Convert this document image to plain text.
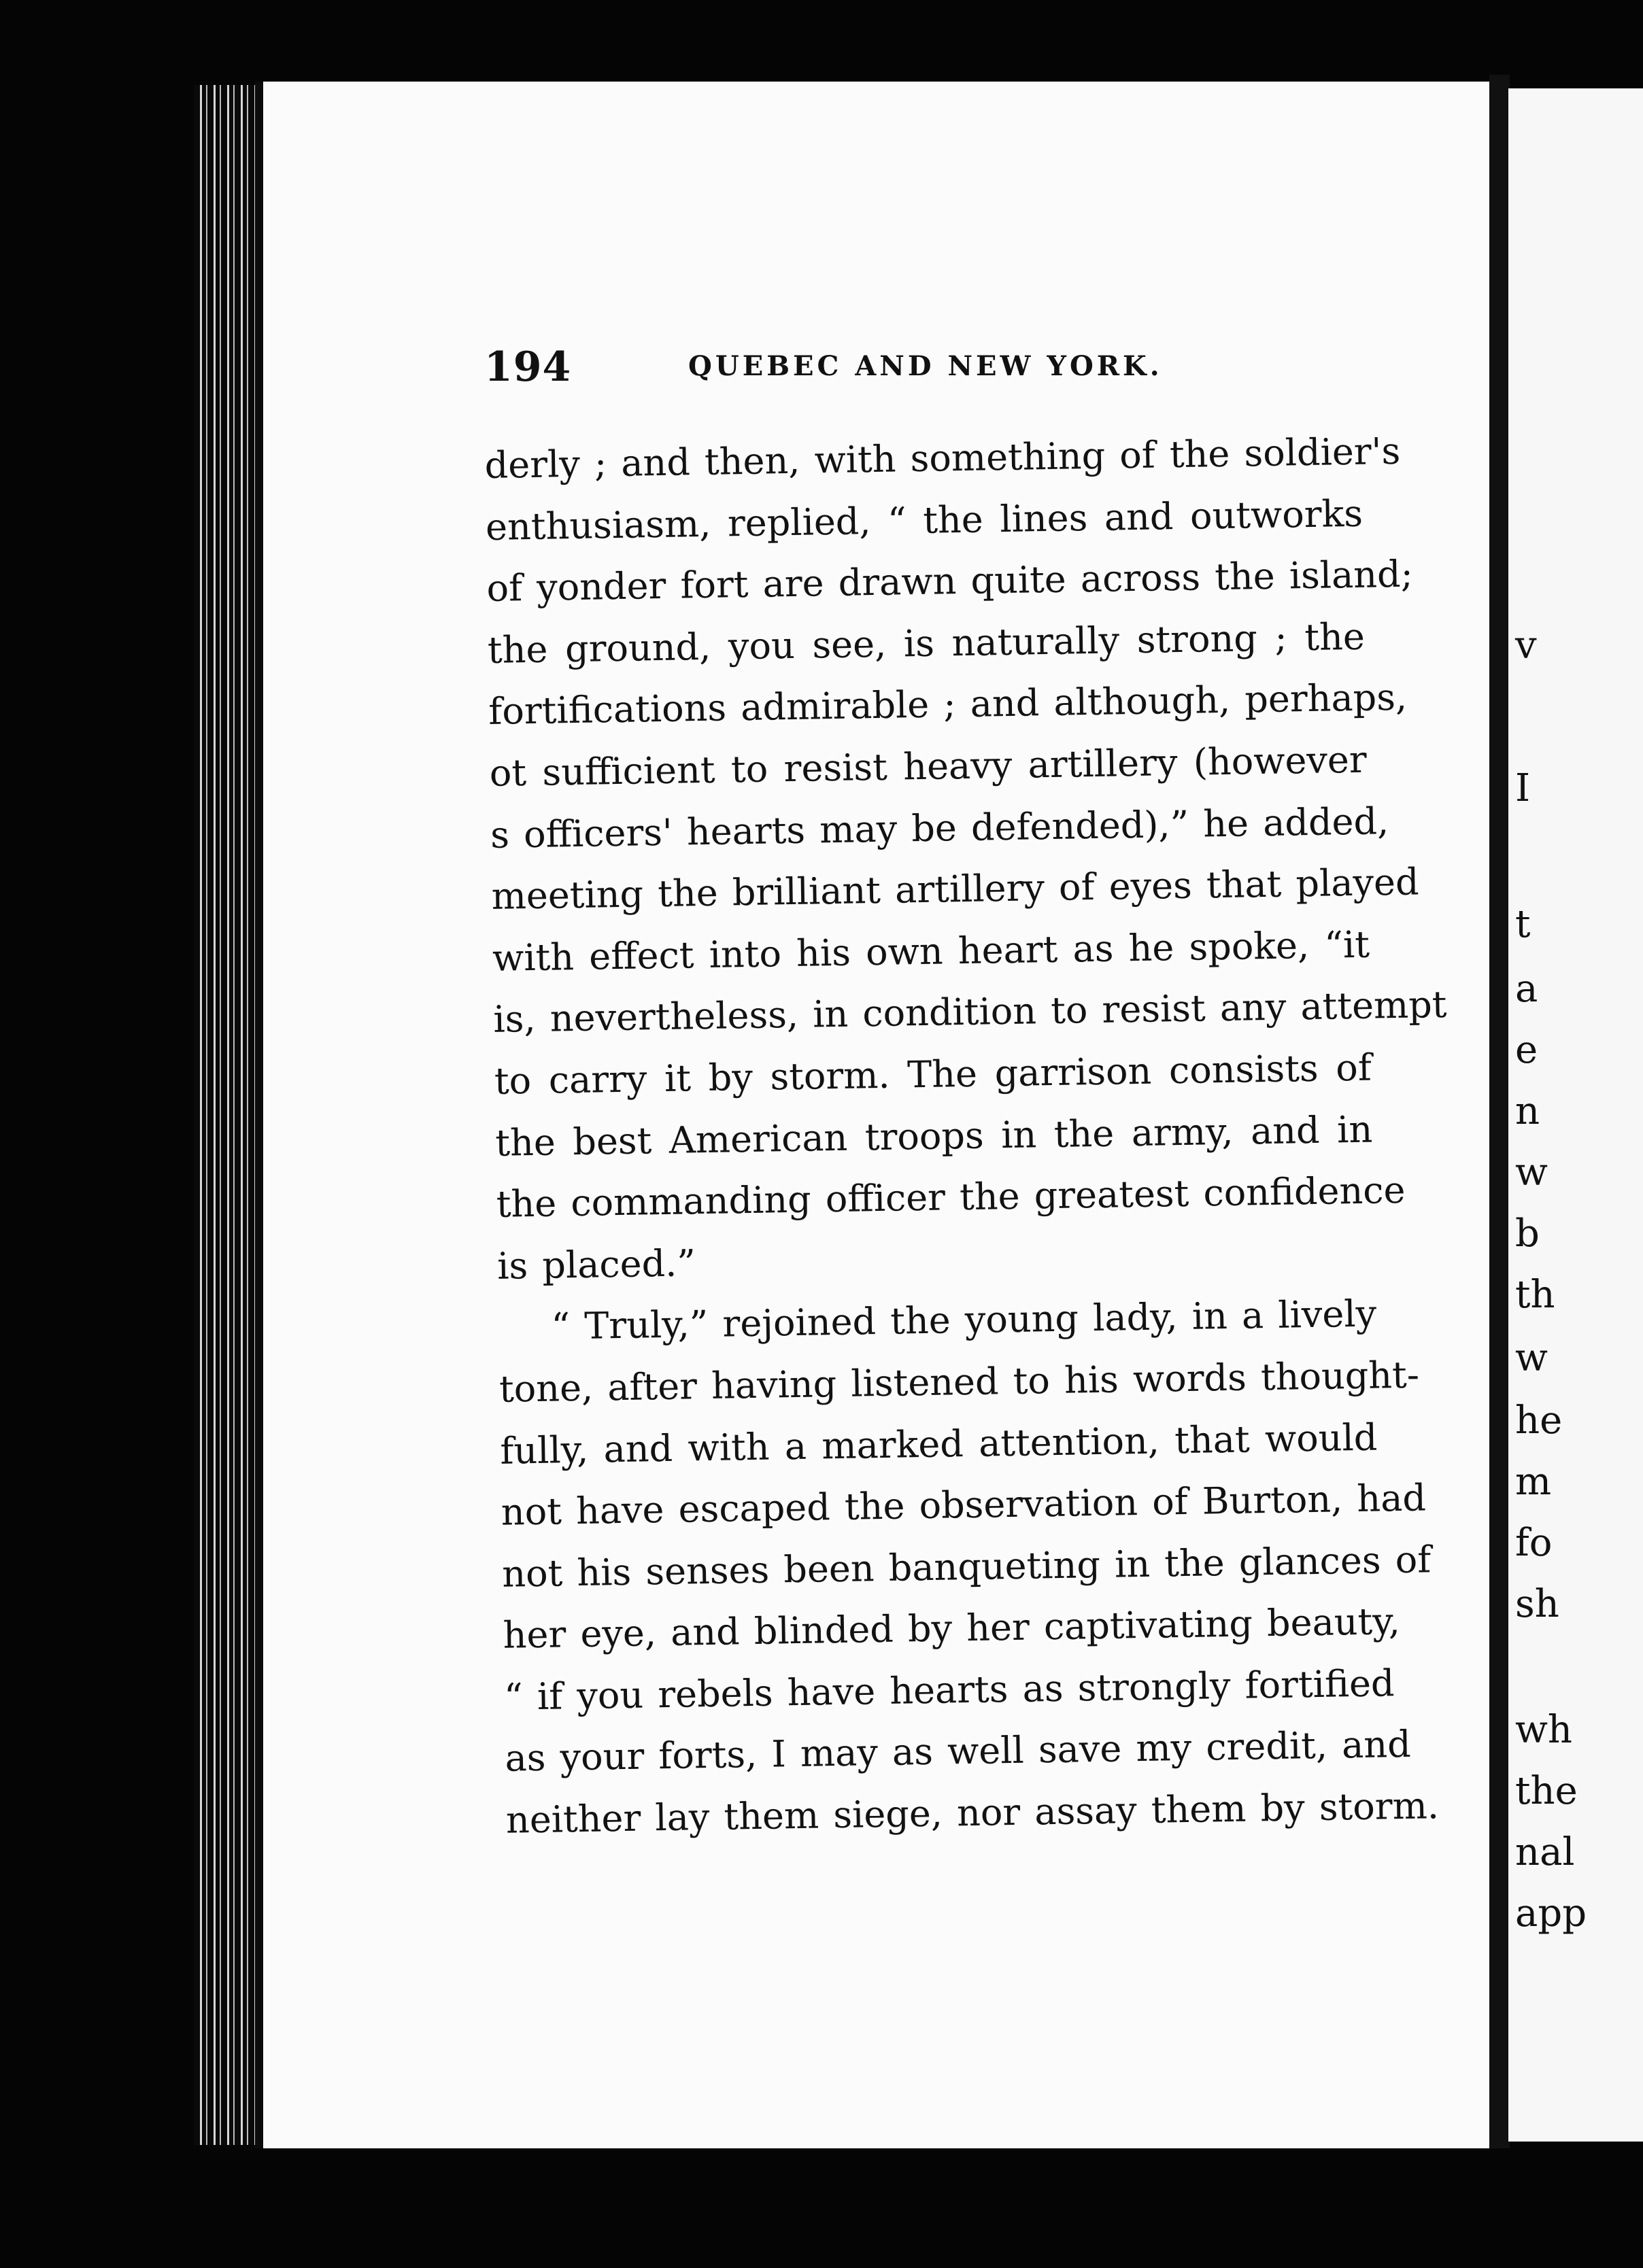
v
I
t
a
e
n
w
b
th
w
he
m
fo
sh
wh
the
nal
app
194	QUEBEC AND NEW YORK.
derly ; and then, with something of the soldier's
enthusiasm, replied, “ the lines and outworks
of yonder fort are drawn quite across the island;
the ground, you see, is naturally strong ; the
fortifications admirable ; and although, perhaps,
ot sufficient to resist heavy artillery (however
s officers' hearts may be defended),” he added,
meeting the brilliant artillery of eyes that played
with effect into his own heart as he spoke, “it
is, nevertheless, in condition to resist any attempt
to carry it by storm. The garrison consists of
the best American troops in the army, and in
the commanding officer the greatest confidence
is placed.”
“ Truly,” rejoined the young lady, in a lively
tone, after having listened to his words thought-
fully, and with a marked attention, that would
not have escaped the observation of Burton, had
not his senses been banqueting in the glances of
her eye, and blinded by her captivating beauty,
“ if you rebels have hearts as strongly fortified
as your forts, I may as well save my credit, and
neither lay them siege, nor assay them by storm.
